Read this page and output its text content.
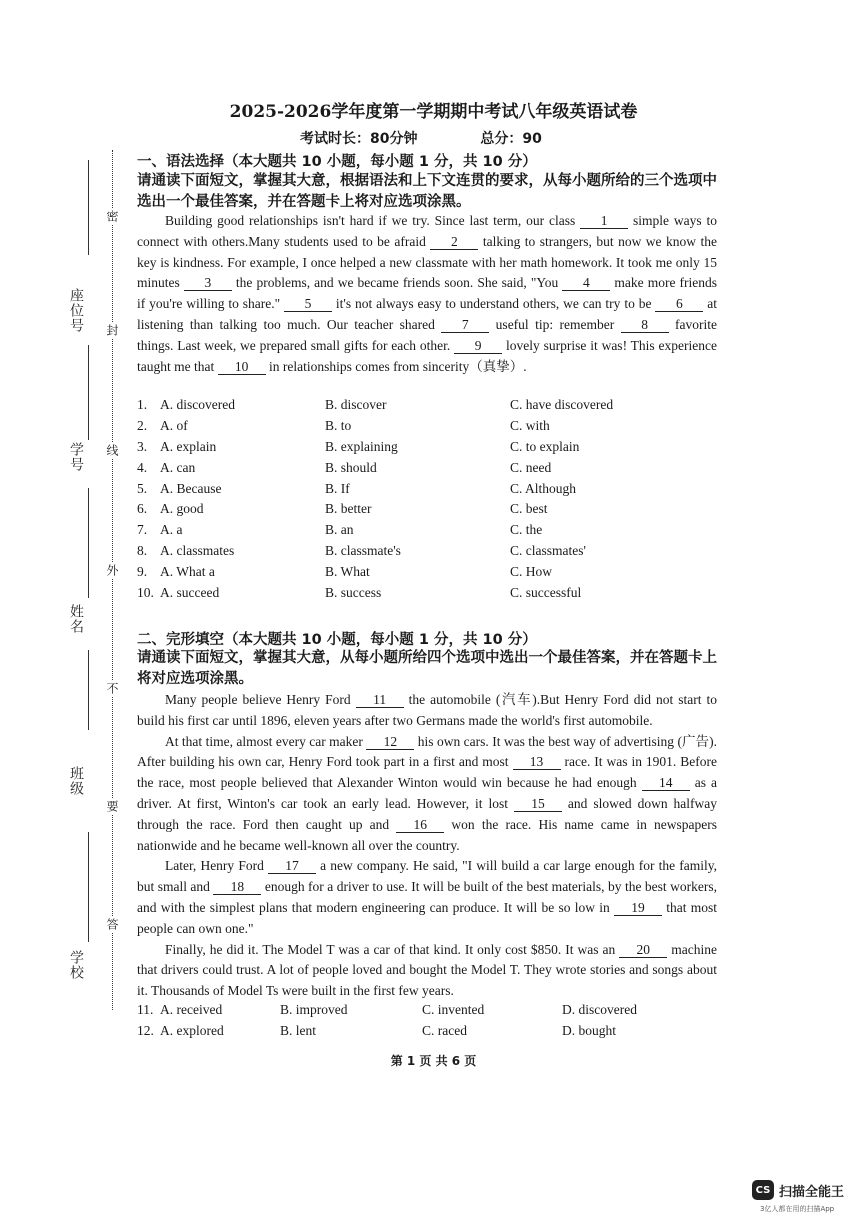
密
封
线
外
不
要
答
座位号
学号
姓名
班级
学校
2025-2026学年度第一学期期中考试八年级英语试卷
考试时长：80分钟	总分：90
一、语法选择（本大题共 10 小题，每小题 1 分，共 10 分）
请通读下面短文，掌握其大意，根据语法和上下文连贯的要求，从每小题所给的三个选项中选出一个最佳答案，并在答题卡上将对应选项涂黑。
Building good relationships isn't hard if we try. Since last term, our class 1 simple ways to connect with others.Many students used to be afraid 2 talking to strangers, but now we know the key is kindness. For example, I once helped a new classmate with her math homework. It took me only 15 minutes 3 the problems, and we became friends soon. She said, "You 4 make more friends if you're willing to share." 5 it's not always easy to understand others, we can try to be 6 at listening than talking too much. Our teacher shared 7 useful tip: remember 8 favorite things. Last week, we prepared small gifts for each other. 9 lovely surprise it was! This experience taught me that 10 in relationships comes from sincerity（真挚）.
1. A. discovered	B. discover	C. have discovered
2. A. of	B. to	C. with
3. A. explain	B. explaining	C. to explain
4. A. can	B. should	C. need
5. A. Because	B. If	C. Although
6. A. good	B. better	C. best
7. A. a	B. an	C. the
8. A. classmates	B. classmate's	C. classmates'
9. A. What a	B. What	C. How
10. A. succeed	B. success	C. successful
二、完形填空（本大题共 10 小题，每小题 1 分，共 10 分）
请通读下面短文，掌握其大意，从每小题所给四个选项中选出一个最佳答案，并在答题卡上将对应选项涂黑。
Many people believe Henry Ford 11 the automobile (汽车).But Henry Ford did not start to build his first car until 1896, eleven years after two Germans made the world's first automobile.
At that time, almost every car maker 12 his own cars. It was the best way of advertising (广告). After building his own car, Henry Ford took part in a first and most 13 race. It was in 1901. Before the race, most people believed that Alexander Winton would win because he had enough 14 as a driver. At first, Winton's car took an early lead. However, it lost 15 and slowed down halfway through the race. Ford then caught up and 16 won the race. His name came in newspapers nationwide and he became well-known all over the country.
Later, Henry Ford 17 a new company. He said, "I will build a car large enough for the family, but small and 18 enough for a driver to use. It will be built of the best materials, by the best workers, and with the simplest plans that modern engineering can produce. It will be so low in 19 that most people can own one."
Finally, he did it. The Model T was a car of that kind. It only cost $850. It was an 20 machine that drivers could trust. A lot of people loved and bought the Model T. They wrote stories and songs about it. Thousands of Model Ts were built in the first few years.
11. A. received	B. improved	C. invented	D. discovered
12. A. explored	B. lent	C. raced	D. bought
第 1 页 共 6 页
CS 扫描全能王
3亿人都在用的扫描App
